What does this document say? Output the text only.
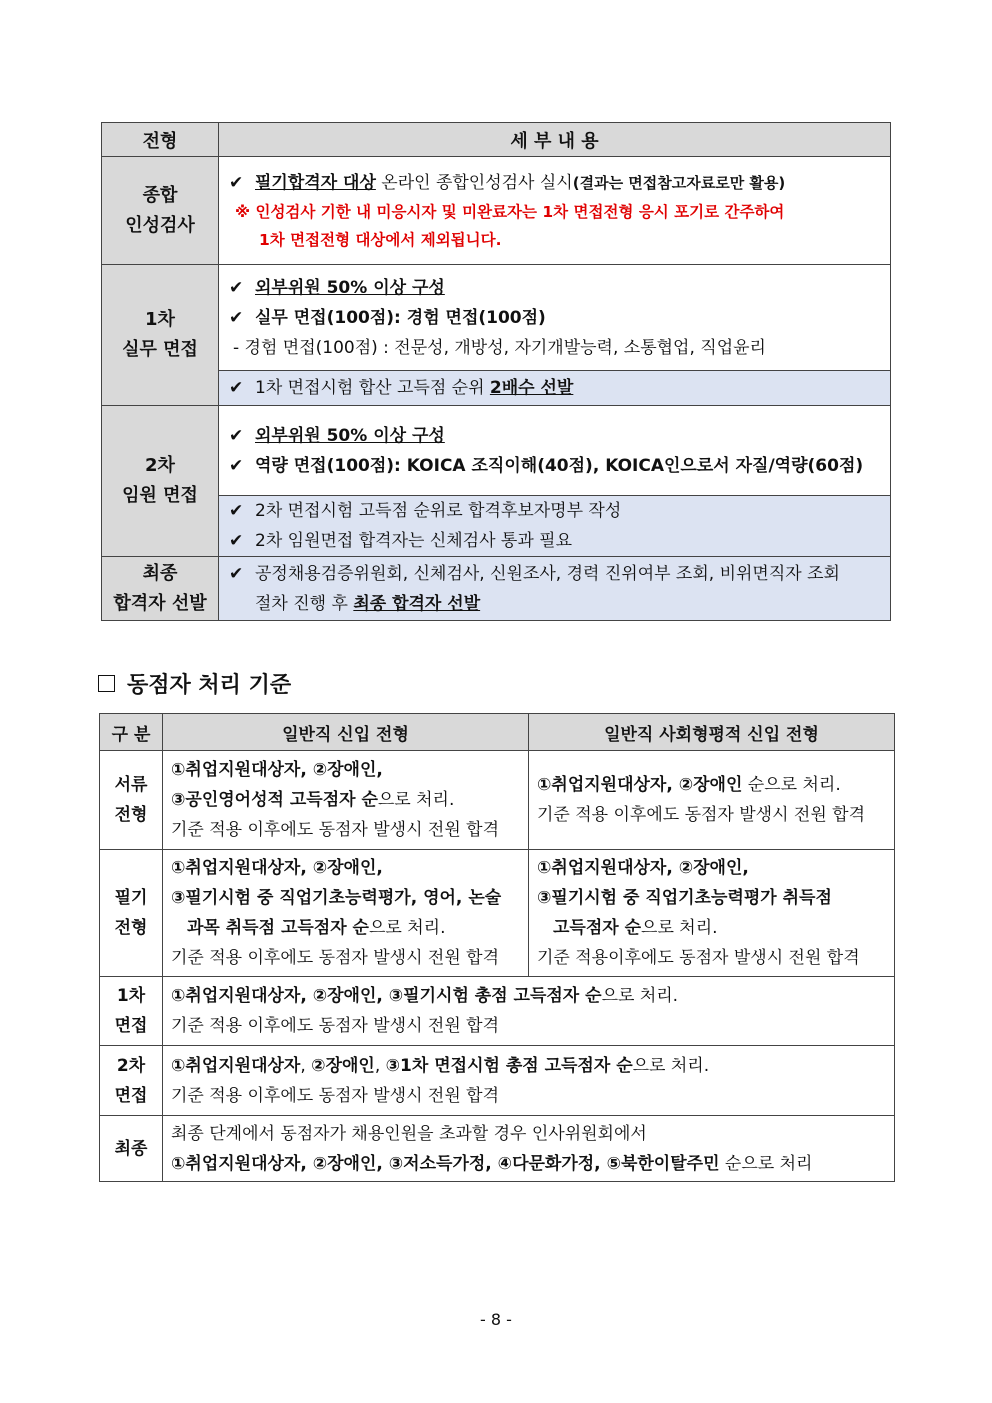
전형	세 부 내 용

종합
인성검사	✔ 필기합격자 대상 온라인 종합인성검사 실시(결과는 면접참고자료로만 활용)
※ 인성검사 기한 내 미응시자 및 미완료자는 1차 면접전형 응시 포기로 간주하여
1차 면접전형 대상에서 제외됩니다.

1차
실무 면접	✔ 외부위원 50% 이상 구성
✔ 실무 면접(100점): 경험 면접(100점)
- 경험 면접(100점) : 전문성, 개방성, 자기개발능력, 소통협업, 직업윤리

	✔ 1차 면접시험 합산 고득점 순위 2배수 선발

2차
임원 면접	✔ 외부위원 50% 이상 구성
✔ 역량 면접(100점): KOICA 조직이해(40점), KOICA인으로서 자질/역량(60점)

	✔ 2차 면접시험 고득점 순위로 합격후보자명부 작성
✔ 2차 임원면접 합격자는 신체검사 통과 필요

최종
합격자 선발	✔ 공정채용검증위원회, 신체검사, 신원조사, 경력 진위여부 조회, 비위면직자 조회
절차 진행 후 최종 합격자 선발
동점자 처리 기준
구 분	일반직 신입 전형	일반직 사회형평적 신입 전형

서류
전형	①취업지원대상자, ②장애인,
③공인영어성적 고득점자 순으로 처리.
기준 적용 이후에도 동점자 발생시 전원 합격	①취업지원대상자, ②장애인 순으로 처리.
기준 적용 이후에도 동점자 발생시 전원 합격

필기
전형	①취업지원대상자, ②장애인,
③필기시험 중 직업기초능력평가, 영어, 논술
과목 취득점 고득점자 순으로 처리.
기준 적용 이후에도 동점자 발생시 전원 합격	①취업지원대상자, ②장애인,
③필기시험 중 직업기초능력평가 취득점
고득점자 순으로 처리.
기준 적용이후에도 동점자 발생시 전원 합격

1차
면접	①취업지원대상자, ②장애인, ③필기시험 총점 고득점자 순으로 처리.
기준 적용 이후에도 동점자 발생시 전원 합격	

2차
면접	①취업지원대상자, ②장애인, ③1차 면접시험 총점 고득점자 순으로 처리.
기준 적용 이후에도 동점자 발생시 전원 합격	

최종	최종 단계에서 동점자가 채용인원을 초과할 경우 인사위원회에서
①취업지원대상자, ②장애인, ③저소득가정, ④다문화가정, ⑤북한이탈주민 순으로 처리	
- 8 -
